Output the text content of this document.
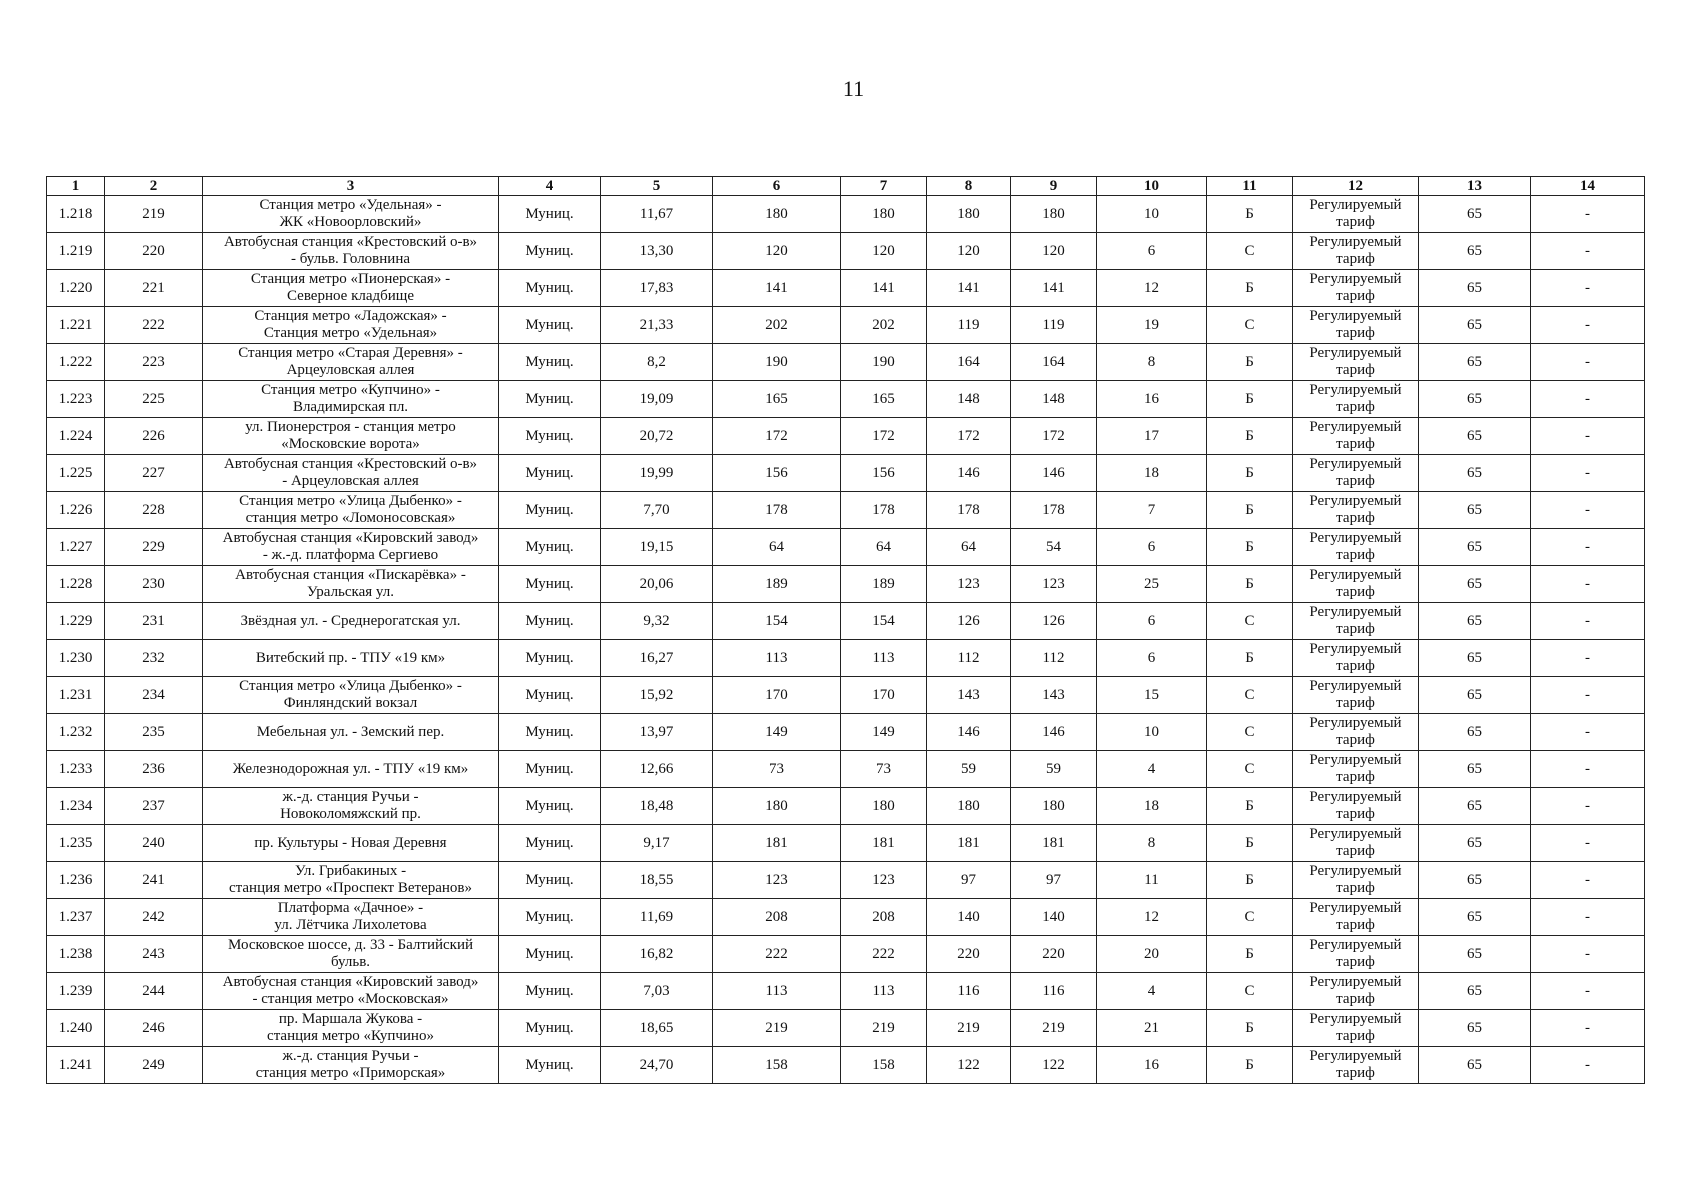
11
1	2	3	4	5	6	7	8	9	10	11	12	13	14
1.218	219	Станция метро «Удельная» -
ЖК «Новоорловский»	Муниц.	11,67	180	180	180	180	10	Б	Регулируемый
тариф	65	-
1.219	220	Автобусная станция «Крестовский о-в»
- бульв. Головнина	Муниц.	13,30	120	120	120	120	6	С	Регулируемый
тариф	65	-
1.220	221	Станция метро «Пионерская» -
Северное кладбище	Муниц.	17,83	141	141	141	141	12	Б	Регулируемый
тариф	65	-
1.221	222	Станция метро «Ладожская» -
Станция метро «Удельная»	Муниц.	21,33	202	202	119	119	19	С	Регулируемый
тариф	65	-
1.222	223	Станция метро «Старая Деревня» -
Арцеуловская аллея	Муниц.	8,2	190	190	164	164	8	Б	Регулируемый
тариф	65	-
1.223	225	Станция метро «Купчино» -
Владимирская пл.	Муниц.	19,09	165	165	148	148	16	Б	Регулируемый
тариф	65	-
1.224	226	ул. Пионерстроя - станция метро
«Московские ворота»	Муниц.	20,72	172	172	172	172	17	Б	Регулируемый
тариф	65	-
1.225	227	Автобусная станция «Крестовский о-в»
- Арцеуловская аллея	Муниц.	19,99	156	156	146	146	18	Б	Регулируемый
тариф	65	-
1.226	228	Станция метро «Улица Дыбенко» -
станция метро «Ломоносовская»	Муниц.	7,70	178	178	178	178	7	Б	Регулируемый
тариф	65	-
1.227	229	Автобусная станция «Кировский завод»
- ж.-д. платформа Сергиево	Муниц.	19,15	64	64	64	54	6	Б	Регулируемый
тариф	65	-
1.228	230	Автобусная станция «Пискарёвка» -
Уральская ул.	Муниц.	20,06	189	189	123	123	25	Б	Регулируемый
тариф	65	-
1.229	231	Звёздная ул. - Среднерогатская ул.	Муниц.	9,32	154	154	126	126	6	С	Регулируемый
тариф	65	-
1.230	232	Витебский пр. - ТПУ «19 км»	Муниц.	16,27	113	113	112	112	6	Б	Регулируемый
тариф	65	-
1.231	234	Станция метро «Улица Дыбенко» -
Финляндский вокзал	Муниц.	15,92	170	170	143	143	15	С	Регулируемый
тариф	65	-
1.232	235	Мебельная ул. - Земский пер.	Муниц.	13,97	149	149	146	146	10	С	Регулируемый
тариф	65	-
1.233	236	Железнодорожная ул. - ТПУ «19 км»	Муниц.	12,66	73	73	59	59	4	С	Регулируемый
тариф	65	-
1.234	237	ж.-д. станция Ручьи -
Новоколомяжский пр.	Муниц.	18,48	180	180	180	180	18	Б	Регулируемый
тариф	65	-
1.235	240	пр. Культуры - Новая Деревня	Муниц.	9,17	181	181	181	181	8	Б	Регулируемый
тариф	65	-
1.236	241	Ул. Грибакиных -
станция метро «Проспект Ветеранов»	Муниц.	18,55	123	123	97	97	11	Б	Регулируемый
тариф	65	-
1.237	242	Платформа «Дачное» -
ул. Лётчика Лихолетова	Муниц.	11,69	208	208	140	140	12	С	Регулируемый
тариф	65	-
1.238	243	Московское шоссе, д. 33 - Балтийский
бульв.	Муниц.	16,82	222	222	220	220	20	Б	Регулируемый
тариф	65	-
1.239	244	Автобусная станция «Кировский завод»
- станция метро «Московская»	Муниц.	7,03	113	113	116	116	4	С	Регулируемый
тариф	65	-
1.240	246	пр. Маршала Жукова -
станция метро «Купчино»	Муниц.	18,65	219	219	219	219	21	Б	Регулируемый
тариф	65	-
1.241	249	ж.-д. станция Ручьи -
станция метро «Приморская»	Муниц.	24,70	158	158	122	122	16	Б	Регулируемый
тариф	65	-
